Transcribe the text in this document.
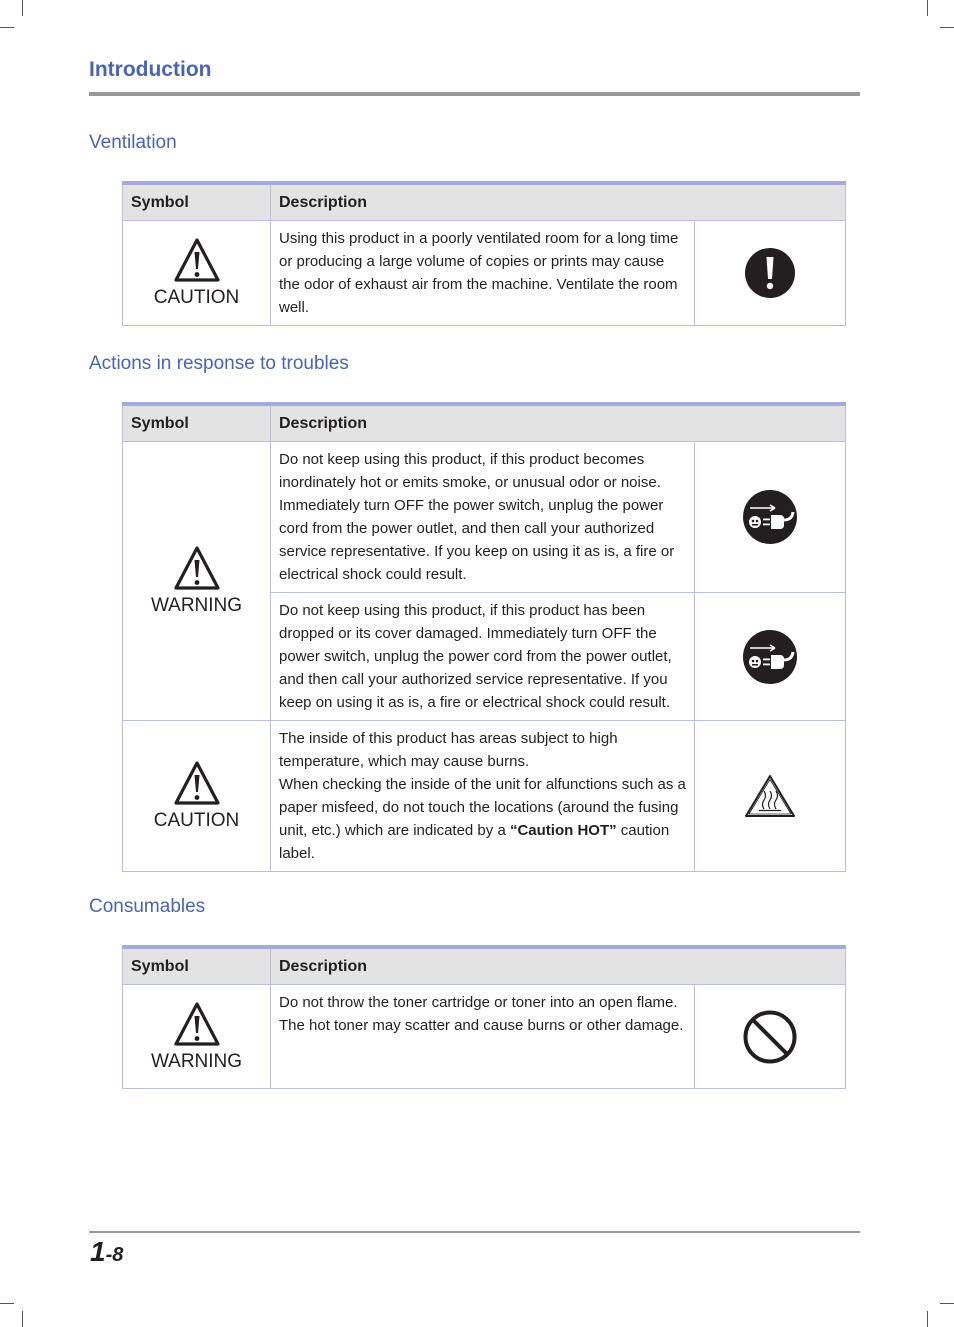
Introduction
Ventilation
Symbol	Description	

CAUTION	Using this product in a poorly ventilated room for a long time or producing a large volume of copies or prints may cause the odor of exhaust air from the machine. Ventilate the room well.	
Actions in response to troubles
Symbol	Description	

WARNING	Do not keep using this product, if this product becomes inordinately hot or emits smoke, or unusual odor or noise. Immediately turn OFF the power switch, unplug the power cord from the power outlet, and then call your authorized service representative. If you keep on using it as is, a fire or electrical shock could result.	

	Do not keep using this product, if this product has been dropped or its cover damaged. Immediately turn OFF the power switch, unplug the power cord from the power outlet, and then call your authorized service representative. If you keep on using it as is, a fire or electrical shock could result.	

CAUTION	The inside of this product has areas subject to high temperature, which may cause burns.
When checking the inside of the unit for alfunctions such as a paper misfeed, do not touch the locations (around the fusing unit, etc.) which are indicated by a “Caution HOT” caution label.	
Consumables
Symbol	Description	

WARNING	Do not throw the toner cartridge or toner into an open flame. The hot toner may scatter and cause burns or other damage.	
1-8
